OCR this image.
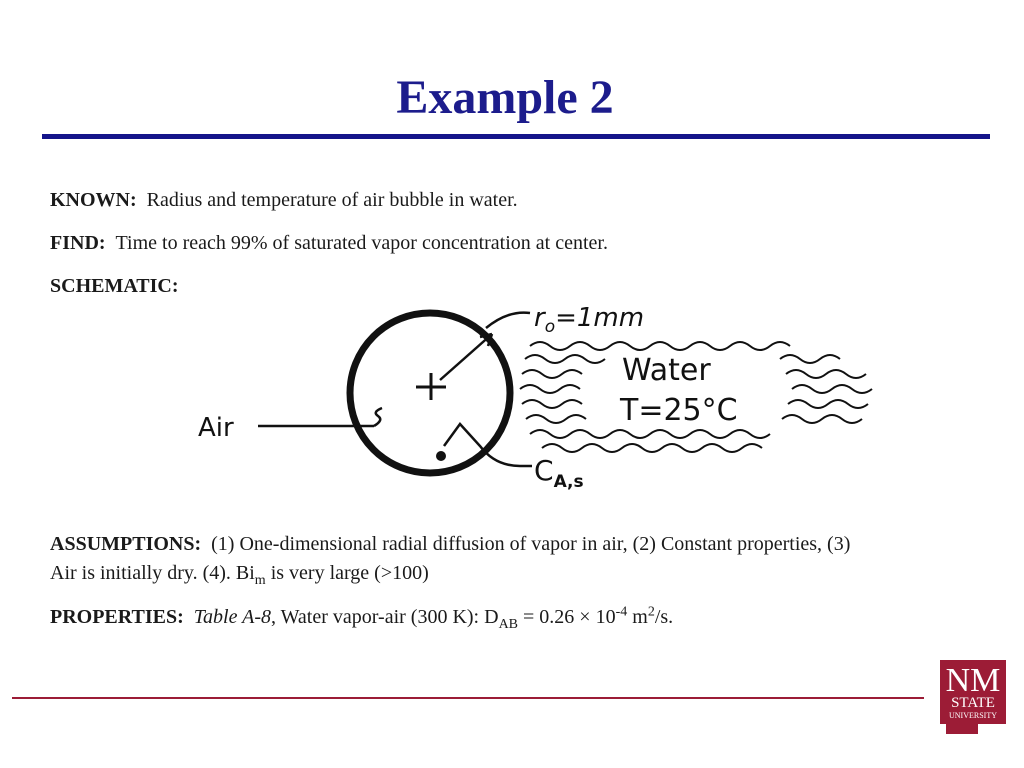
Example 2
KNOWN: Radius and temperature of air bubble in water.
FIND: Time to reach 99% of saturated vapor concentration at center.
SCHEMATIC:
$r_o=1mm$
Air
$C_{A,s}$
Water
T=25°C
ASSUMPTIONS: (1) One-dimensional radial diffusion of vapor in air, (2) Constant properties, (3)
Air is initially dry. (4). $Bi_m$ is very large (>100)
PROPERTIES: Table A-8, Water vapor-air (300 K): $D_{AB} = 0.26 \times 10^{-4}$ $m^2/s$.
NM
STATE
UNIVERSITY
